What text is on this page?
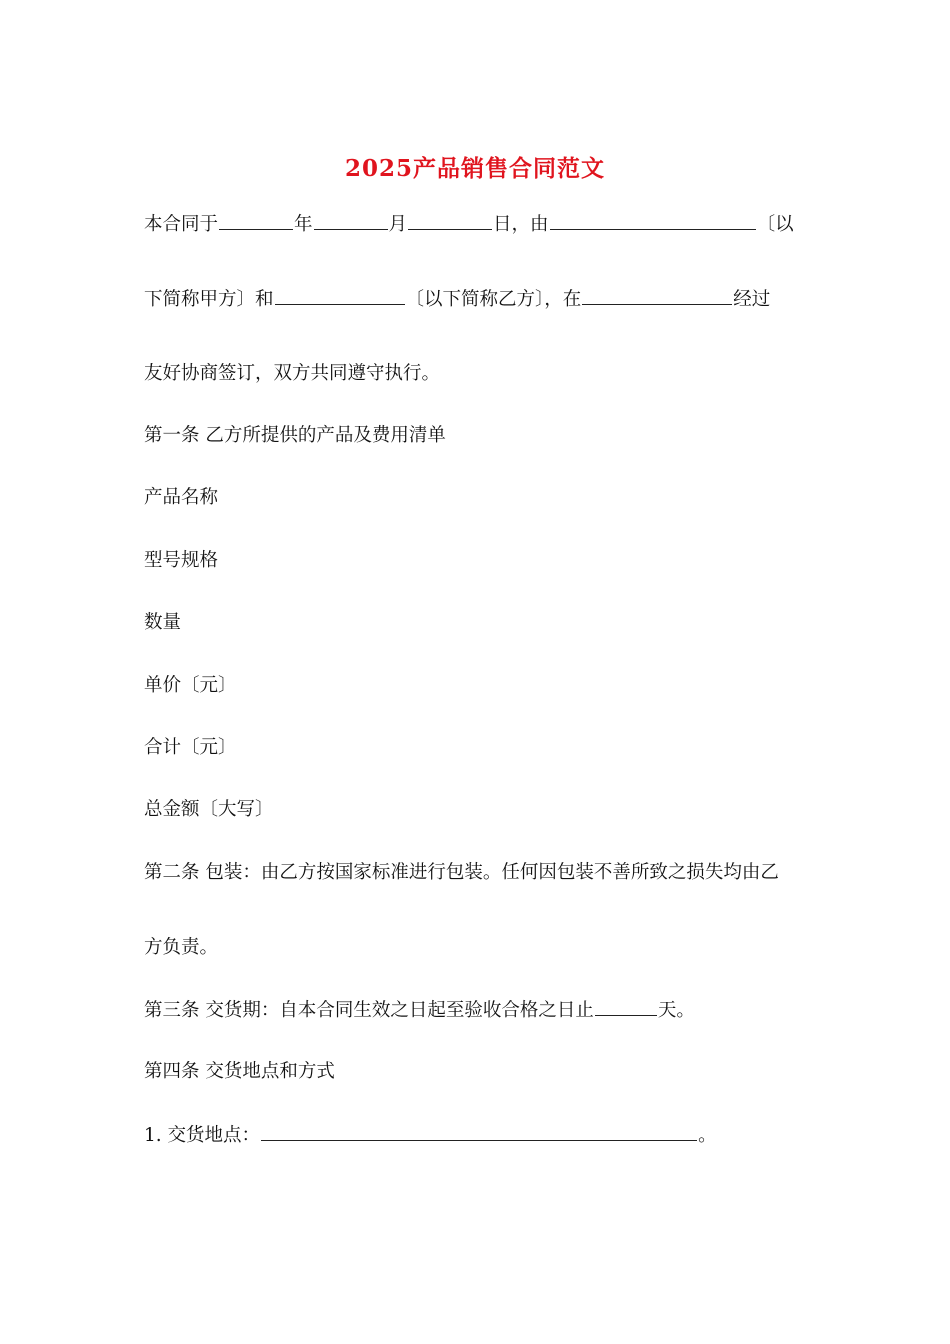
2025产品销售合同范文
本合同于	年	月	日，由	〔以
下简称甲方〕和	〔以下简称乙方〕，在	经过
友好协商签订，双方共同遵守执行。
第一条 乙方所提供的产品及费用清单
产品名称
型号规格
数量
单价〔元〕
合计〔元〕
总金额〔大写〕
第二条 包装：由乙方按国家标准进行包装。任何因包装不善所致之损失均由乙
方负责。
第三条 交货期：自本合同生效之日起至验收合格之日止	天。
第四条 交货地点和方式
1. 交货地点：	。
